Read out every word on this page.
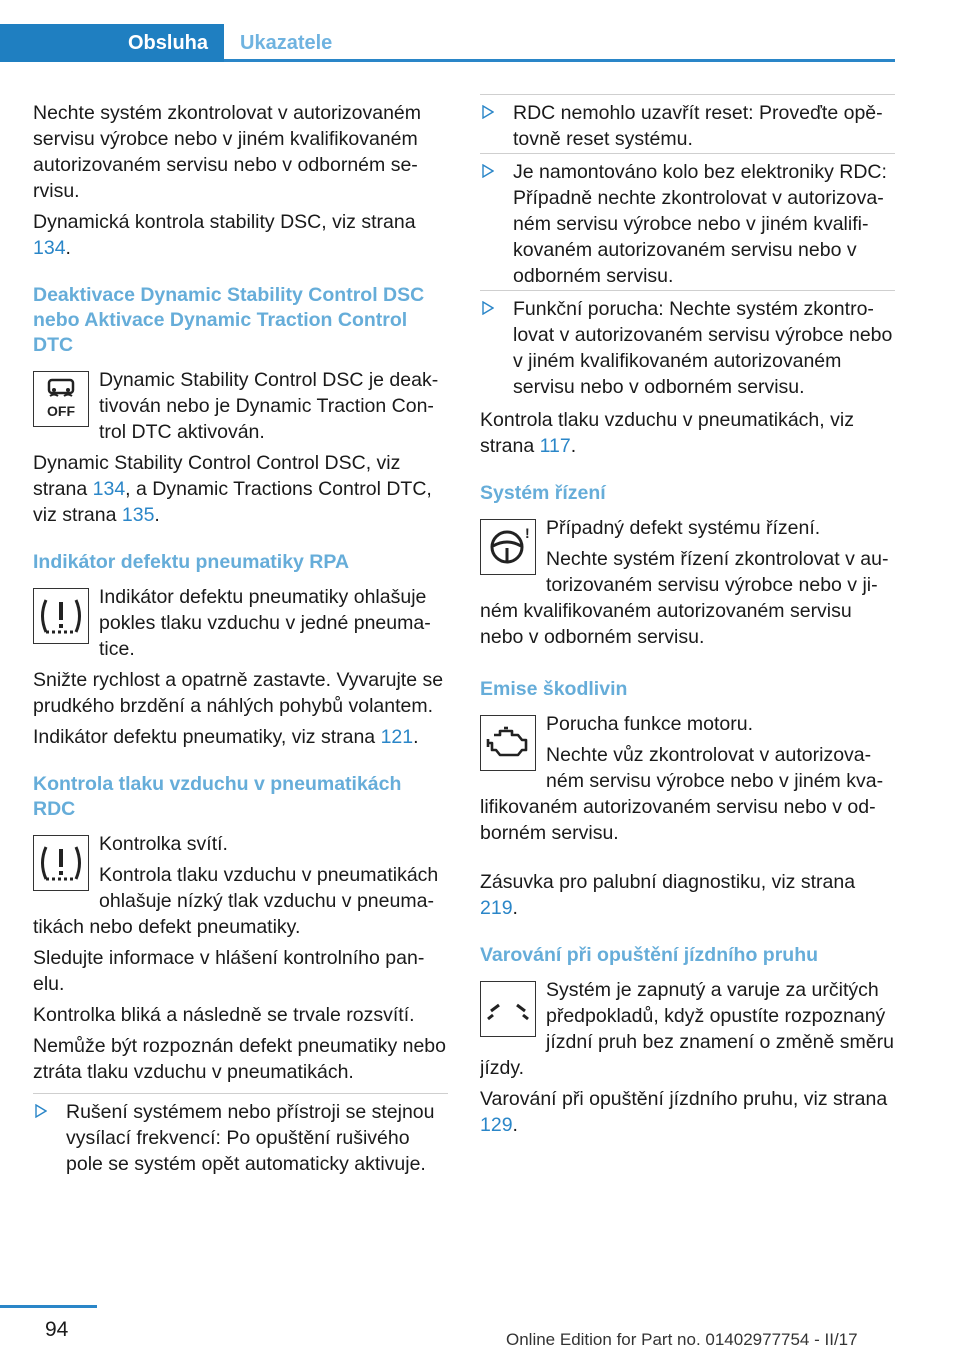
Obsluha	Ukazatele

Nechte systém zkontrolovat v autorizovaném servisu výrobce nebo v jiném kvalifikovaném autorizovaném servisu nebo v odborném servisu.

Dynamická kontrola stability DSC, viz strana 134.

Deaktivace Dynamic Stability Control DSC nebo Aktivace Dynamic Traction Control DTC
OFF

Dynamic Stability Control DSC je deaktivován nebo je Dynamic Traction Control DTC aktivován.

Dynamic Stability Control Control DSC, viz strana 134, a Dynamic Tractions Control DTC, viz strana 135.

Indikátor defektu pneumatiky RPA

Indikátor defektu pneumatiky ohlašuje pokles tlaku vzduchu v jedné pneumatice.

Snižte rychlost a opatrně zastavte. Vyvarujte se prudkého brzdění a náhlých pohybů volantem.

Indikátor defektu pneumatiky, viz strana 121.

Kontrola tlaku vzduchu v pneumatikách RDC

Kontrolka svítí.

Kontrola tlaku vzduchu v pneumatikách ohlašuje nízký tlak vzduchu v pneumatikách nebo defekt pneumatiky.

Sledujte informace v hlášení kontrolního panelu.

Kontrolka bliká a následně se trvale rozsvítí.

Nemůže být rozpoznán defekt pneumatiky nebo ztráta tlaku vzduchu v pneumatikách.

Rušení systémem nebo přístroji se stejnou vysílací frekvencí: Po opuštění rušivého pole se systém opět automaticky aktivuje.
RDC nemohlo uzavřít reset: Proveďte opětovně reset systému.
Je namontováno kolo bez elektroniky RDC: Případně nechte zkontrolovat v autorizovaném servisu výrobce nebo v jiném kvalifikovaném autorizovaném servisu nebo v odborném servisu.
Funkční porucha: Nechte systém zkontrolovat v autorizovaném servisu výrobce nebo v jiném kvalifikovaném autorizovaném servisu nebo v odborném servisu.

Kontrola tlaku vzduchu v pneumatikách, viz strana 117.

Systém řízení
! Případný defekt systému řízení.

Nechte systém řízení zkontrolovat v autorizovaném servisu výrobce nebo v jiném kvalifikovaném autorizovaném servisu nebo v odborném servisu.

Emise škodlivin

Porucha funkce motoru.

Nechte vůz zkontrolovat v autorizovaném servisu výrobce nebo v jiném kvalifikovaném autorizovaném servisu nebo v odborném servisu.

Zásuvka pro palubní diagnostiku, viz strana 219.

Varování při opuštění jízdního pruhu

Systém je zapnutý a varuje za určitých předpokladů, když opustíte rozpoznaný jízdní pruh bez znamení o změně směru jízdy.

Varování při opuštění jízdního pruhu, viz strana 129.

94	Online Edition for Part no. 01402977754 - II/17
